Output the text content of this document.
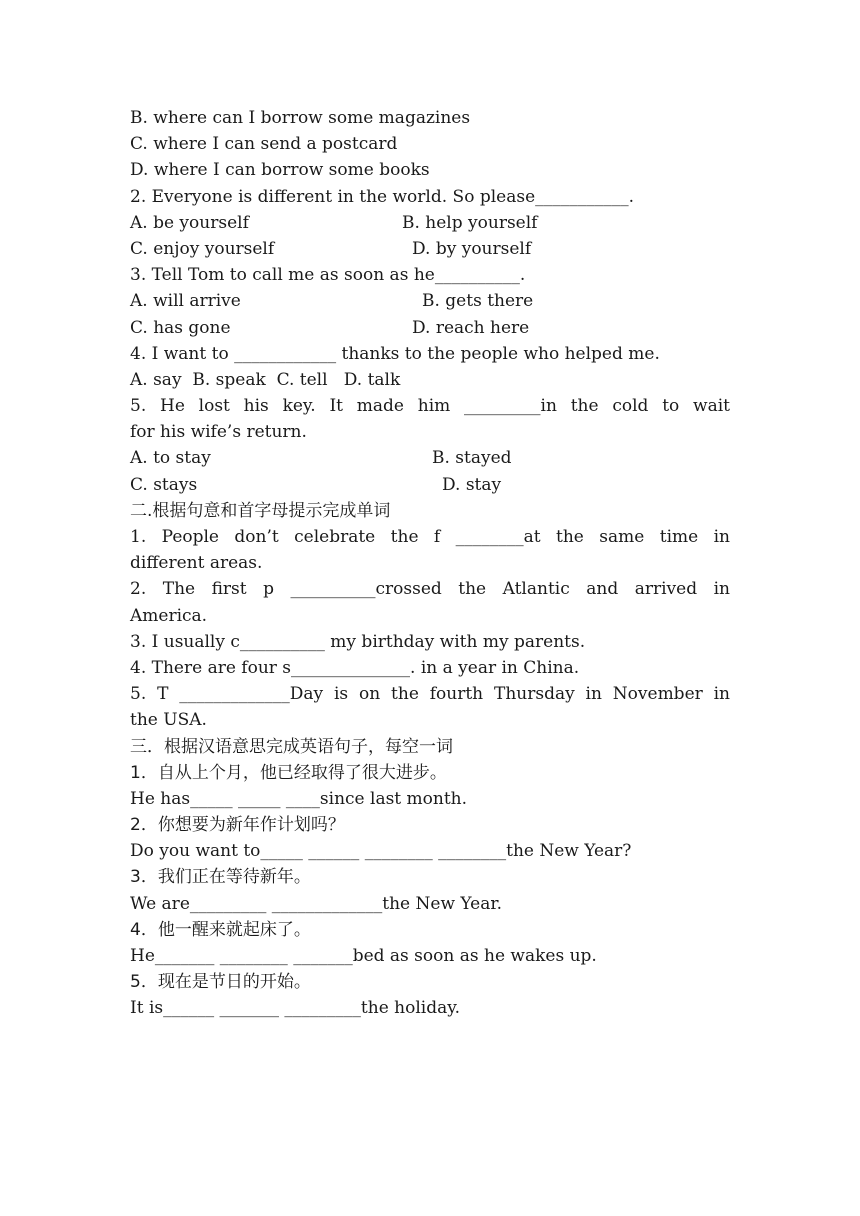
B. where can I borrow some magazines
C. where I can send a postcard
D. where I can borrow some books
2. Everyone is different in the world. So please___________.
A. be yourself	B. help yourself
C. enjoy yourself	D. by yourself
3. Tell Tom to call me as soon as he__________.
A. will arrive	B. gets there
C. has gone	D. reach here
4. I want to ____________ thanks to the people who helped me.
A. say  B. speak  C. tell   D. talk
5. He lost his key. It made him _________in the cold to wait
for his wife’s return.
A. to stay	B. stayed
C. stays	D. stay
二.根据句意和首字母提示完成单词
1. People don’t celebrate the f ________at the same time in
different areas.
2. The first p __________crossed the Atlantic and arrived in
America.
3. I usually c__________ my birthday with my parents.
4. There are four s______________. in a year in China.
5. T _____________Day is on the fourth Thursday in November in
the USA.
三．根据汉语意思完成英语句子，每空一词
1．自从上个月，他已经取得了很大进步。
He has_____ _____ ____since last month.
2．你想要为新年作计划吗？
Do you want to_____ ______ ________ ________the New Year?
3．我们正在等待新年。
We are_________ _____________the New Year.
4．他一醒来就起床了。
He_______ ________ _______bed as soon as he wakes up.
5．现在是节日的开始。
It is______ _______ _________the holiday.
